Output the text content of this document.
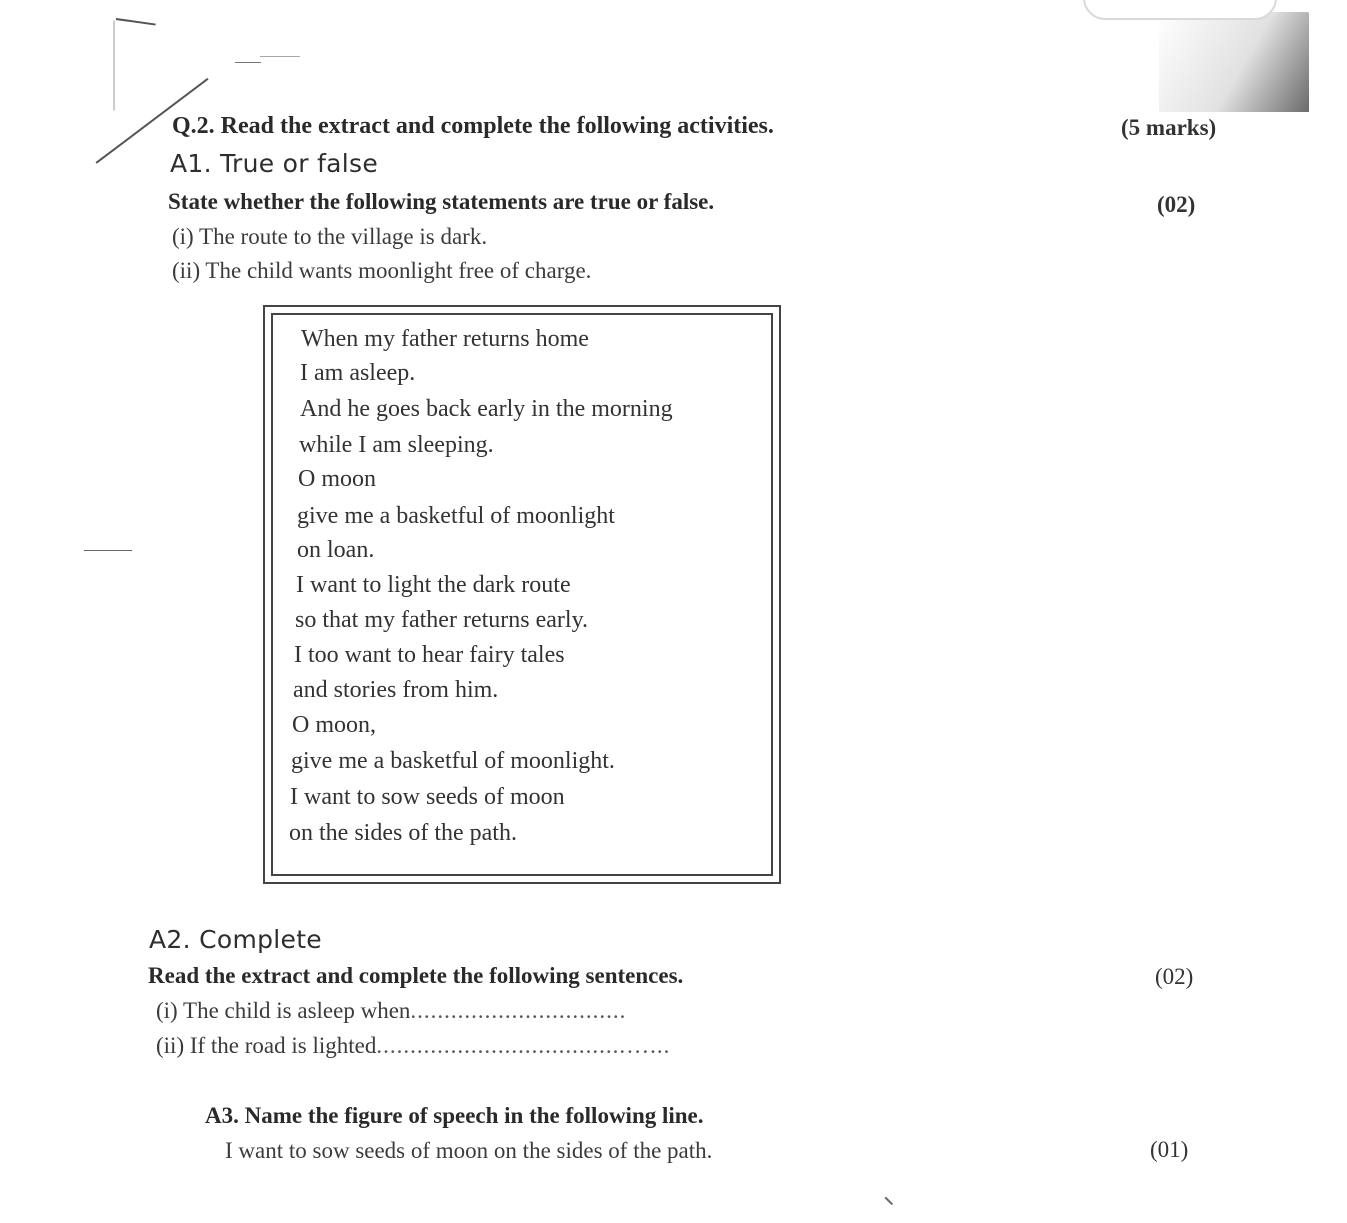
Q.2. Read the extract and complete the following activities.	(5 marks)
A1. True or false
State whether the following statements are true or false.	(02)
(i) The route to the village is dark.
(ii) The child wants moonlight free of charge.
When my father returns home
I am asleep.
And he goes back early in the morning
while I am sleeping.
O moon
give me a basketful of moonlight
on loan.
I want to light the dark route
so that my father returns early.
I too want to hear fairy tales
and stories from him.
O moon,
give me a basketful of moonlight.
I want to sow seeds of moon
on the sides of the path.
A2. Complete
Read the extract and complete the following sentences.	(02)
(i) The child is asleep when................................
(ii) If the road is lighted.....................................…...
A3. Name the figure of speech in the following line.
I want to sow seeds of moon on the sides of the path.	(01)
